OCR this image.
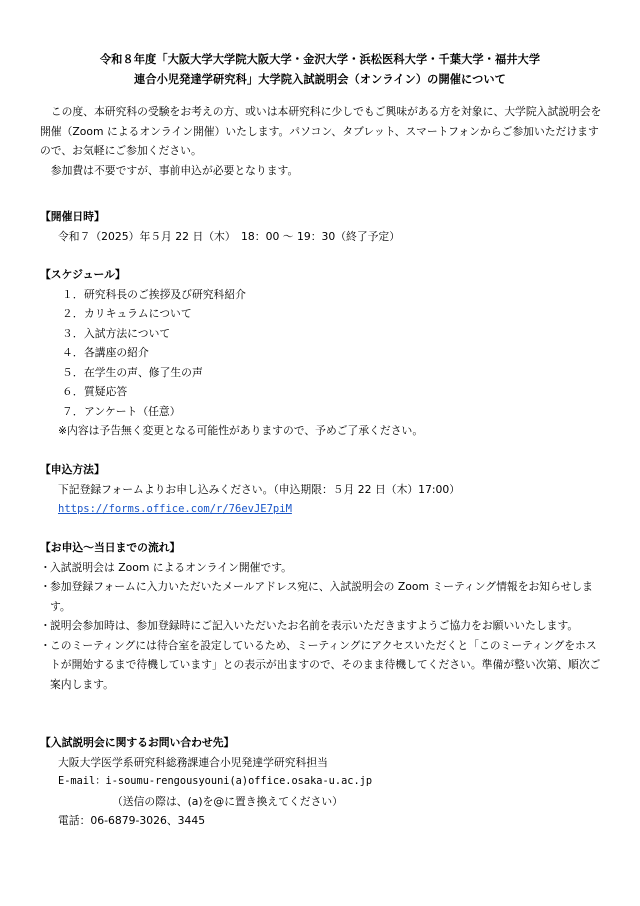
令和８年度「大阪大学大学院大阪大学・金沢大学・浜松医科大学・千葉大学・福井大学
連合小児発達学研究科」大学院入試説明会（オンライン）の開催について

この度、本研究科の受験をお考えの方、或いは本研究科に少しでもご興味がある方を対象に、大学院入試説明会を開催（Zoom によるオンライン開催）いたします。パソコン、タブレット、スマートフォンからご参加いただけますので、お気軽にご参加ください。

参加費は不要ですが、事前申込が必要となります。

【開催日時】
令和７（2025）年５月 22 日（木）　18：00 ～ 19：30（終了予定）
【スケジュール】
１．研究科長のご挨拶及び研究科紹介
２．カリキュラムについて
３．入試方法について
４．各講座の紹介
５．在学生の声、修了生の声
６．質疑応答
７．アンケート（任意）
※内容は予告無く変更となる可能性がありますので、予めご了承ください。
【申込方法】
下記登録フォームよりお申し込みください。（申込期限：５月 22 日（木）17:00）
https://forms.office.com/r/76evJE7piM
【お申込～当日までの流れ】
・ 入試説明会は Zoom によるオンライン開催です。
・ 参加登録フォームに入力いただいたメールアドレス宛に、入試説明会の Zoom ミーティング情報をお知らせします。
・ 説明会参加時は、参加登録時にご記入いただいたお名前を表示いただきますようご協力をお願いいたします。
・ このミーティングには待合室を設定しているため、ミーティングにアクセスいただくと「このミーティングをホストが開始するまで待機しています」との表示が出ますので、そのまま待機してください。準備が整い次第、順次ご案内します。
【入試説明会に関するお問い合わせ先】
大阪大学医学系研究科総務課連合小児発達学研究科担当
E-mail：i-soumu-rengousyouni(a)office.osaka-u.ac.jp
（送信の際は、(a)を@に置き換えてください）
電話：06-6879-3026、3445
